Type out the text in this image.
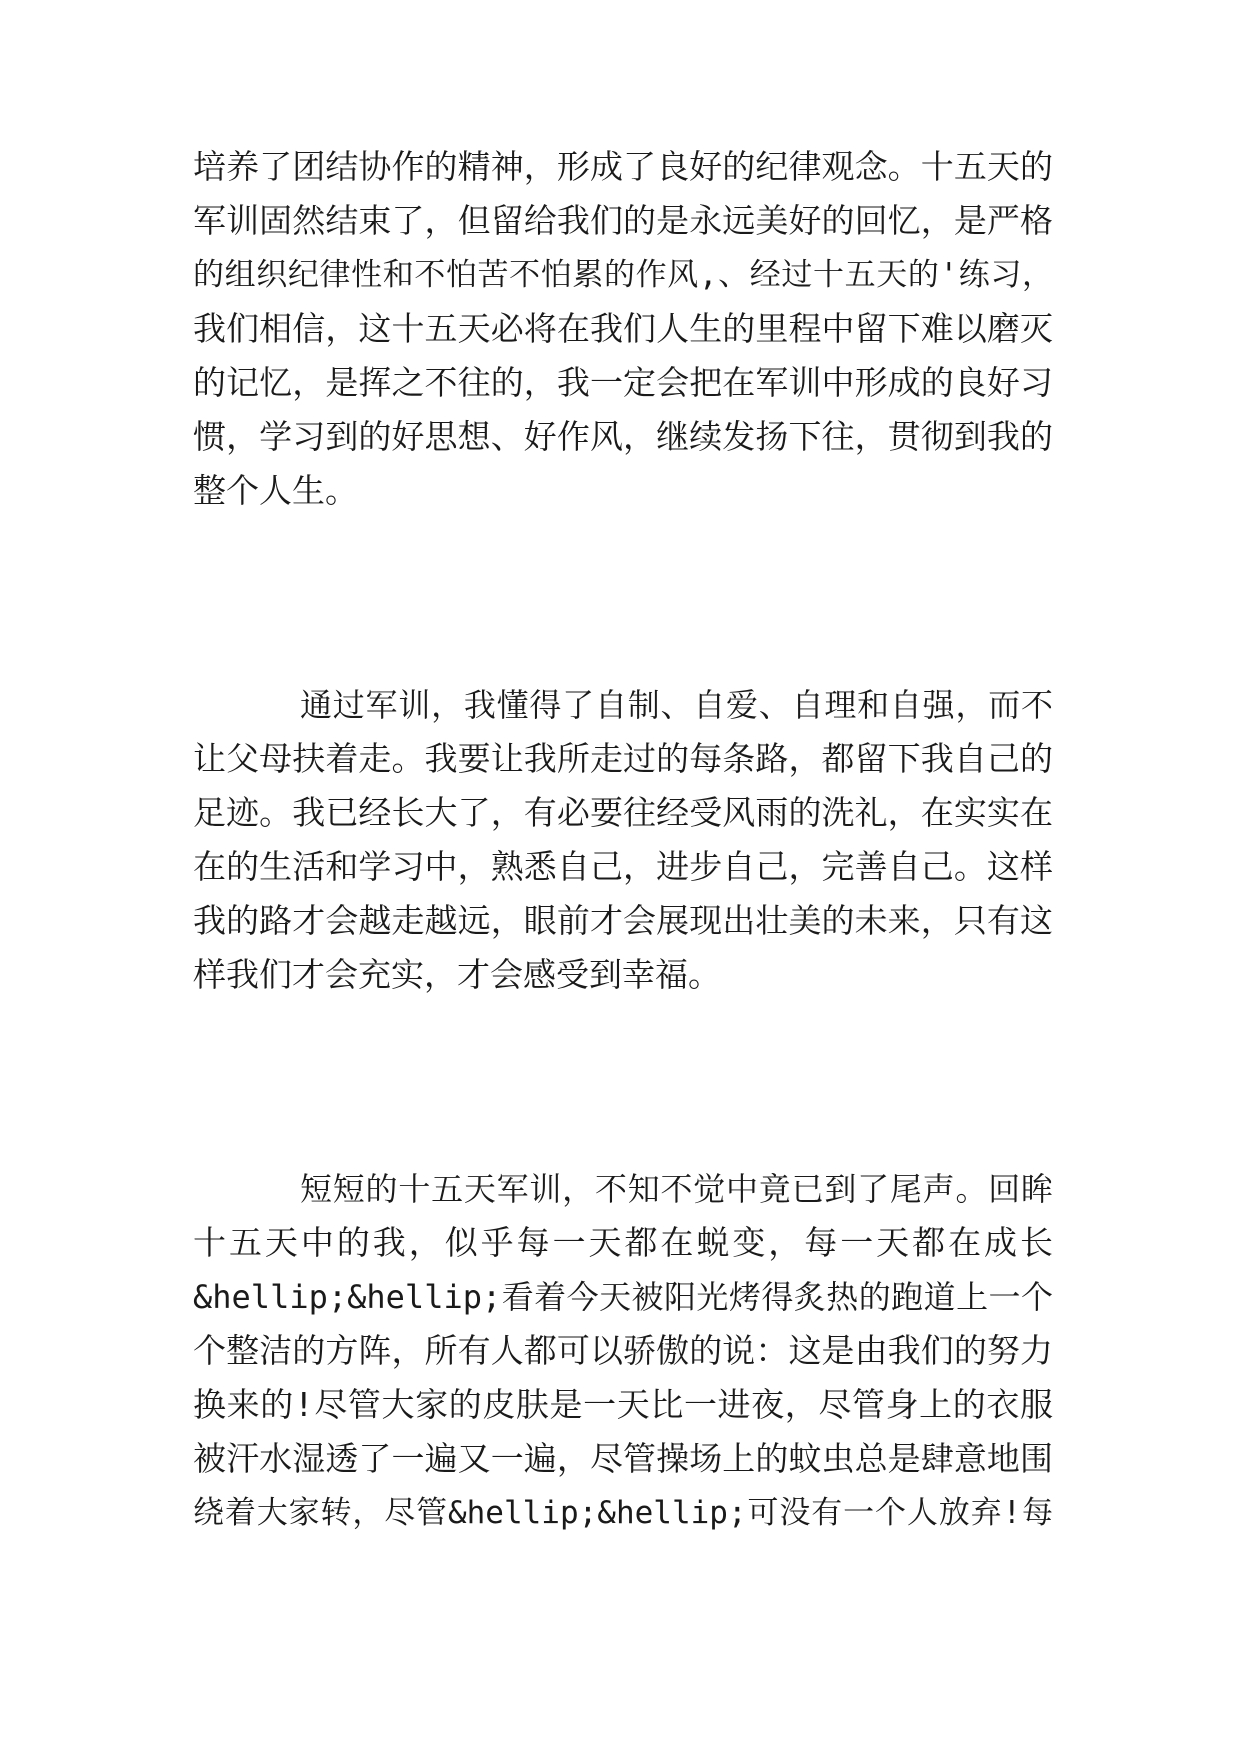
培养了团结协作的精神，形成了良好的纪律观念。十五天的
军训固然结束了，但留给我们的是永远美好的回忆，是严格
的组织纪律性和不怕苦不怕累的作风,、经过十五天的'练习，
我们相信，这十五天必将在我们人生的里程中留下难以磨灭
的记忆，是挥之不往的，我一定会把在军训中形成的良好习
惯，学习到的好思想、好作风，继续发扬下往，贯彻到我的
整个人生。
通过军训，我懂得了自制、自爱、自理和自强，而不
让父母扶着走。我要让我所走过的每条路，都留下我自己的
足迹。我已经长大了，有必要往经受风雨的洗礼，在实实在
在的生活和学习中，熟悉自己，进步自己，完善自己。这样
我的路才会越走越远，眼前才会展现出壮美的未来，只有这
样我们才会充实，才会感受到幸福。
短短的十五天军训，不知不觉中竟已到了尾声。回眸
十五天中的我，似乎每一天都在蜕变，每一天都在成长
&hellip;&hellip;看着今天被阳光烤得炙热的跑道上一个
个整洁的方阵，所有人都可以骄傲的说：这是由我们的努力
换来的!尽管大家的皮肤是一天比一进夜，尽管身上的衣服
被汗水湿透了一遍又一遍，尽管操场上的蚊虫总是肆意地围
绕着大家转，尽管&hellip;&hellip;可没有一个人放弃!每
